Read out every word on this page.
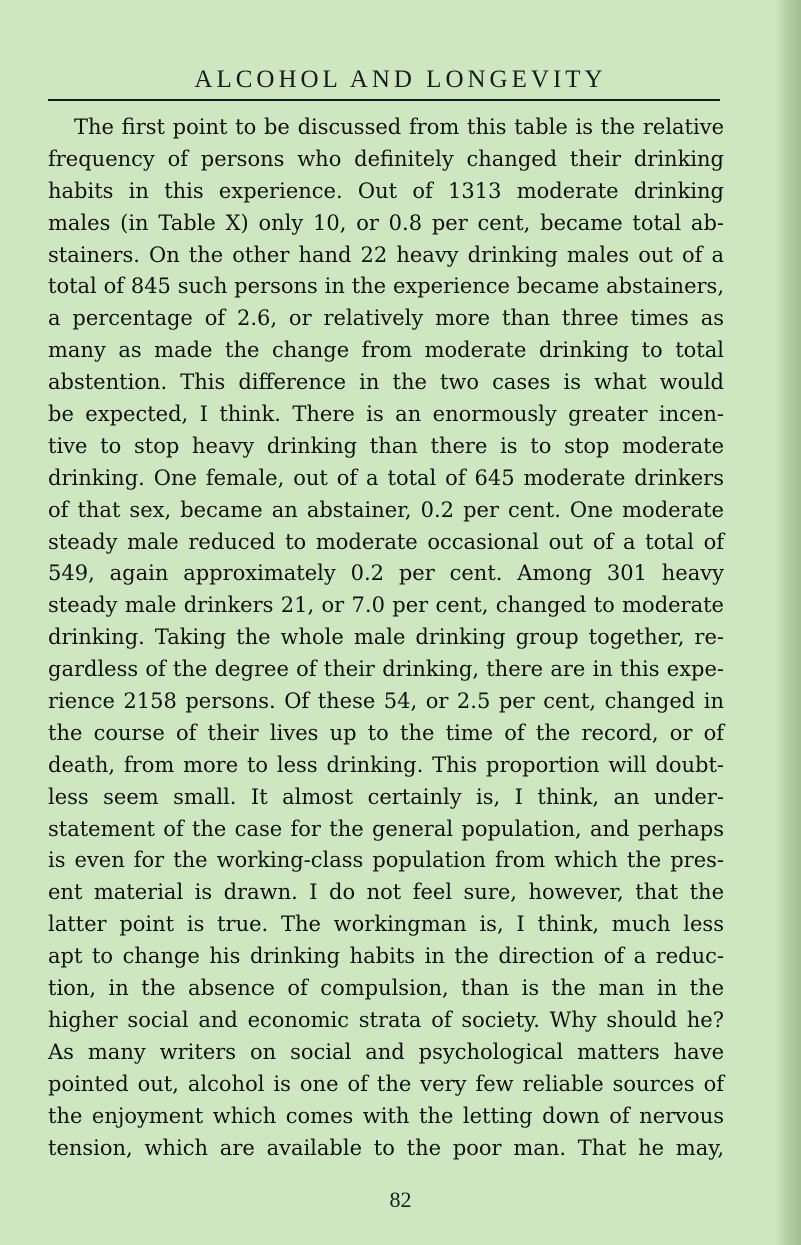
ALCOHOL AND LONGEVITY

The first point to be discussed from this table is the relative
frequency of persons who definitely changed their drinking
habits in this experience. Out of 1313 moderate drinking
males (in Table X) only 10, or 0.8 per cent, became total ab-
stainers. On the other hand 22 heavy drinking males out of a
total of 845 such persons in the experience became abstainers,
a percentage of 2.6, or relatively more than three times as
many as made the change from moderate drinking to total
abstention. This difference in the two cases is what would
be expected, I think. There is an enormously greater incen-
tive to stop heavy drinking than there is to stop moderate
drinking. One female, out of a total of 645 moderate drinkers
of that sex, became an abstainer, 0.2 per cent. One moderate
steady male reduced to moderate occasional out of a total of
549, again approximately 0.2 per cent. Among 301 heavy
steady male drinkers 21, or 7.0 per cent, changed to moderate
drinking. Taking the whole male drinking group together, re-
gardless of the degree of their drinking, there are in this expe-
rience 2158 persons. Of these 54, or 2.5 per cent, changed in
the course of their lives up to the time of the record, or of
death, from more to less drinking. This proportion will doubt-
less seem small. It almost certainly is, I think, an under-
statement of the case for the general population, and perhaps
is even for the working-class population from which the pres-
ent material is drawn. I do not feel sure, however, that the
latter point is true. The workingman is, I think, much less
apt to change his drinking habits in the direction of a reduc-
tion, in the absence of compulsion, than is the man in the
higher social and economic strata of society. Why should he?
As many writers on social and psychological matters have
pointed out, alcohol is one of the very few reliable sources of
the enjoyment which comes with the letting down of nervous
tension, which are available to the poor man. That he may,

82
